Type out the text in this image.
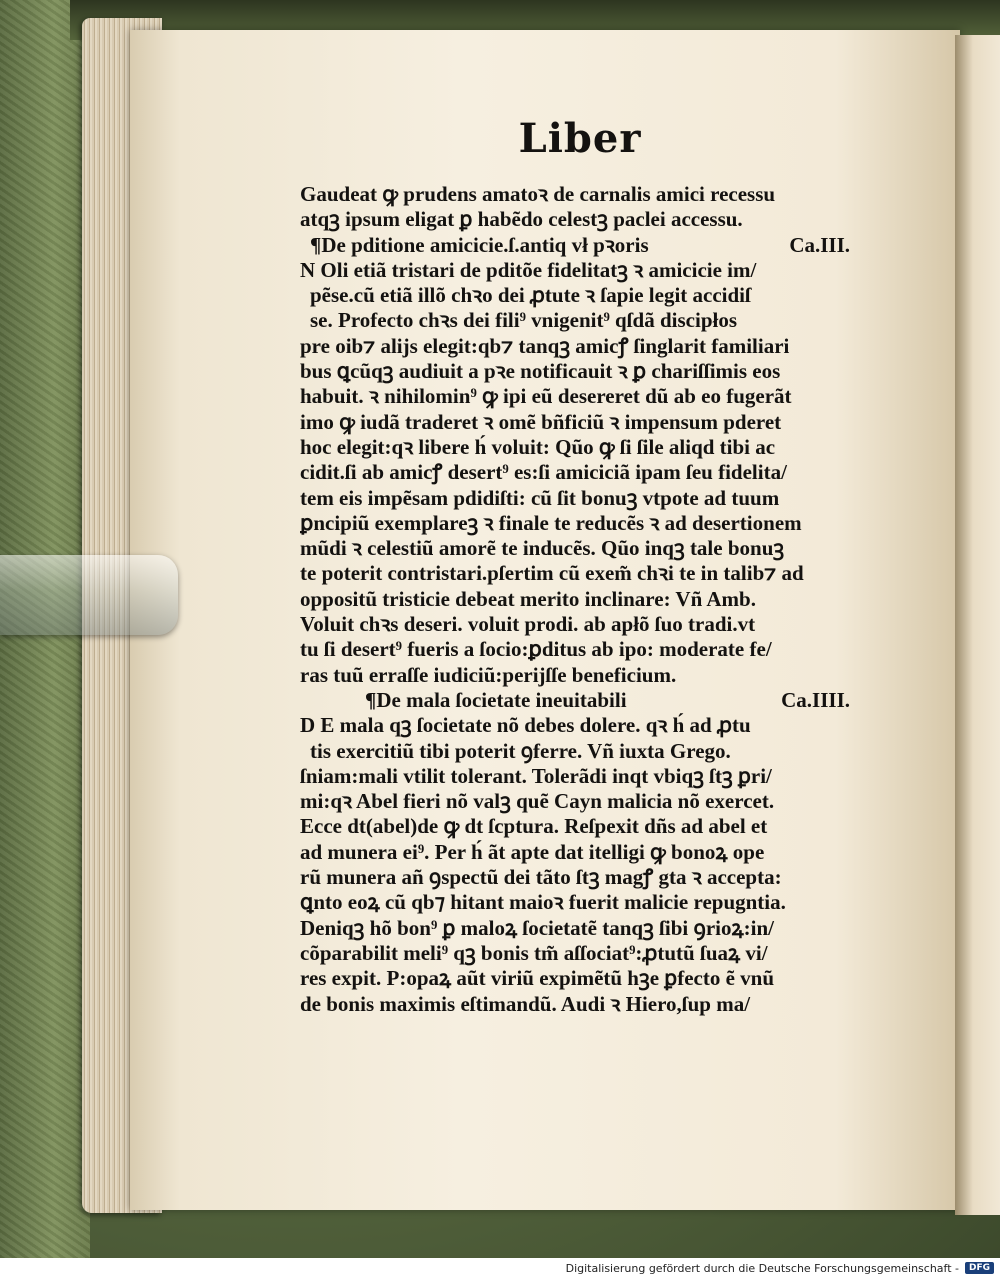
Liber
Gaudeat ꝙ prudens amatoꝛ de carnalis amici recessu
atqꝫ ipsum eligat ꝑ habẽdo celestꝫ paclei accessu.
¶De pditione amicicie.ſ.antiq vł pꝛoris	Ca.III.
N Oli etiã tristari de pditõe fidelitatꝫ ꝛ amicicie im/
pẽse.cũ etiã illõ chꝛo dei ꝓtute ꝛ ſapie legit accidiſ
se. Profecto chꝛs dei fili⁹ vnigenit⁹ qſdã discipłos
pre oib⁊ alijs elegit:qb⁊ tanqꝫ amicꝭ ſinglarit familiari
bus ꝗcũqꝫ audiuit a pꝛe notificauit ꝛ ꝑ chariſſimis eos
habuit. ꝛ nihilomin⁹ ꝙ ipi eũ desereret dũ ab eo fugerãt
imo ꝙ iudã traderet ꝛ omẽ bñficiũ ꝛ impensum pderet
hoc elegit:qꝛ libere h́ voluit: Qũo ꝙ ſi ſile aliqd tibi ac
cidit.ſi ab amicꝭ desert⁹ es:ſi amiciciã ipam ſeu fidelita/
tem eis impẽsam pdidiſti: cũ ſit bonuꝫ vtpote ad tuum
ꝑncipiũ exemplareꝫ ꝛ finale te reducẽs ꝛ ad desertionem
mũdi ꝛ celestiũ amorẽ te inducẽs. Qũo inqꝫ tale bonuꝫ
te poterit contristari.pſertim cũ exem̃ chꝛi te in talib⁊ ad
oppositũ tristicie debeat merito inclinare: Vñ Amb.
Voluit chꝛs deseri. voluit prodi. ab apłõ ſuo tradi.vt
tu ſi desert⁹ fueris a ſocio:ꝑditus ab ipo: moderate fe/
ras tuũ erraſſe iudiciũ:perijſſe beneficium.
¶De mala ſocietate ineuitabili	Ca.IIII.
D E mala qꝫ ſocietate nõ debes dolere. qꝛ h́ ad ꝓtu
tis exercitiũ tibi poterit ꝯferre. Vñ iuxta Grego.
ſniam:mali vtilit tolerant. Tolerãdi inqt vbiqꝫ ſtꝫ ꝑri/
mi:qꝛ Abel fieri nõ valꝫ quẽ Cayn malicia nõ exercet.
Ecce dt(abel)de ꝙ dt ſcptura. Reſpexit dñs ad abel et
ad munera ei⁹. Per h́ ãt apte dat itelligi ꝙ bonoꝝ ope
rũ munera añ ꝯspectũ dei tãto ſtꝫ magꝭ gta ꝛ accepta:
ꝗnto eoꝝ cũ qb⁊ hitant maioꝛ fuerit malicie repugntia.
Deniqꝫ hõ bon⁹ ꝑ maloꝝ ſocietatẽ tanqꝫ ſibi ꝯrioꝝ:in/
cõparabilit meli⁹ qꝫ bonis tm̃ aſſociat⁹:ꝓtutũ ſuaꝝ vi/
res expit. P:opaꝝ aũt viriũ expimẽtũ hꝫe ꝑfecto ẽ vnũ
de bonis maximis eſtimandũ. Audi ꝛ Hiero,ſup ma/
Digitalisierung gefördert durch die Deutsche Forschungsgemeinschaft -	DFG
